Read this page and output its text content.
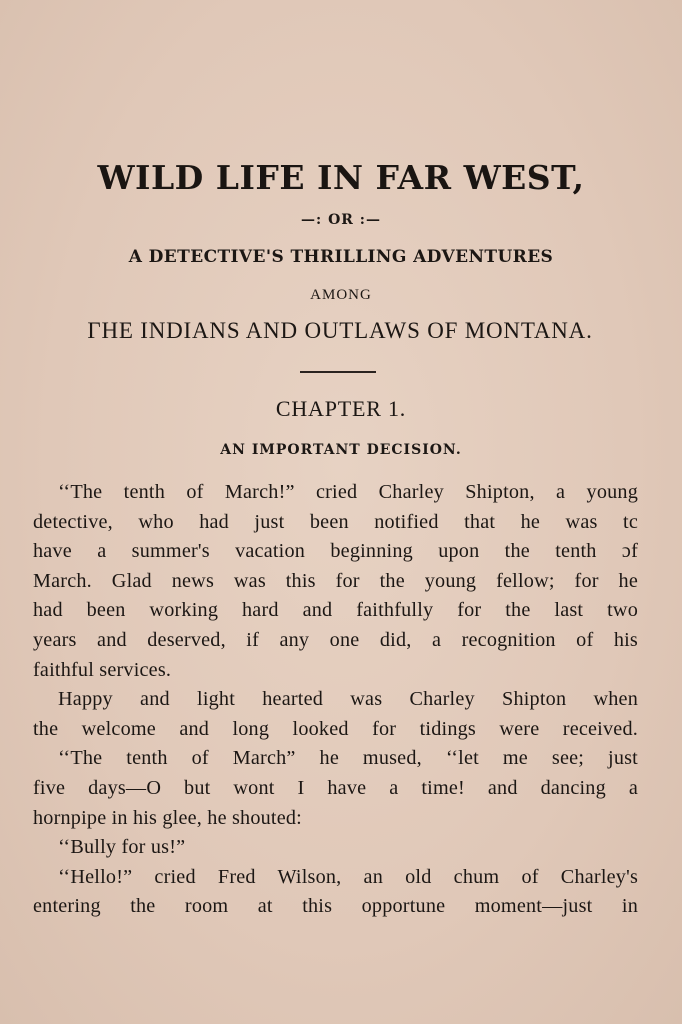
WILD LIFE IN FAR WEST,
—: OR :—
A DETECTIVE'S THRILLING ADVENTURES
AMONG
ГHE INDIANS AND OUTLAWS OF MONTANA.
CHAPTER 1.
AN IMPORTANT DECISION.
‘‘The tenth of March!” cried Charley Shipton, a young
detective, who had just been notified that he was tc
have a summer's vacation beginning upon the tenth ɔf
March. Glad news was this for the young fellow; for he
had been working hard and faithfully for the last two
years and deserved, if any one did, a recognition of his
faithful services.
Happy and light hearted was Charley Shipton when
the welcome and long looked for tidings were received.
‘‘The tenth of March” he mused, ‘‘let me see; just
five days—O but wont I have a time! and dancing a
hornpipe in his glee, he shouted:
‘‘Bully for us!”
‘‘Hello!” cried Fred Wilson, an old chum of Charley's
entering the room at this opportune moment—just in
